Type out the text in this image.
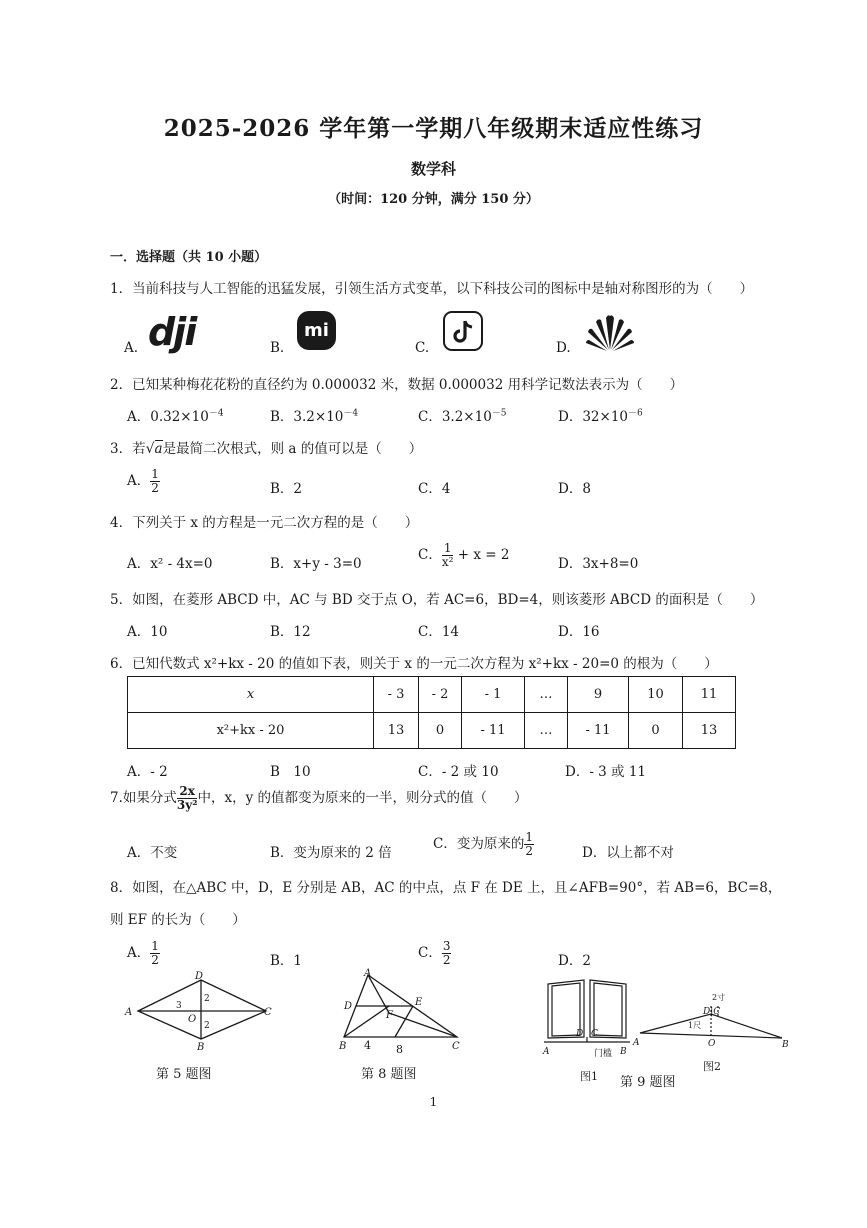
2025-2026 学年第一学期八年级期末适应性练习
数学科
（时间：120 分钟，满分 150 分）
一．选择题（共 10 小题）
1．当前科技与人工智能的迅猛发展，引领生活方式变革，以下科技公司的图标中是轴对称图形的为（　　）
A. dji	B.
mi
C.	D.
2．已知某种梅花花粉的直径约为 0.000032 米，数据 0.000032 用科学记数法表示为（　　）
A．$0.32\times 10^{-4}$	B．$3.2\times 10^{-4}$	C．$3.2\times 10^{-5}$	D．$32\times 10^{-6}$
3．若√a是最简二次根式，则 a 的值可以是（　　）
A． $\frac{1}{2}$	B．2	C．4	D．8
4．下列关于 x 的方程是一元二次方程的是（　　）
A．x² - 4x=0	B．x+y - 3=0
C． $\frac{1}{\text{x²}} + x = 2$
D．3x+8=0
5．如图，在菱形 ABCD 中，AC 与 BD 交于点 O，若 AC=6，BD=4，则该菱形 ABCD 的面积是（　　）
A．10	B．12	C．14	D．16
6．已知代数式 x²+kx - 20 的值如下表，则关于 x 的一元二次方程为 x²+kx - 20=0 的根为（　　）
x	- 3	- 2	- 1	…	9	10	11
x²+kx - 20	13	0	- 11	…	- 11	0	13
A．- 2	B　10	C．- 2 或 10	D．- 3 或 11
7.如果分式 $\frac{2x}{\text{3y²}}$ 中，x，y 的值都变为原来的一半，则分式的值（　　）
A．不变	B．变为原来的 2 倍
C．变为原来的 $\frac{1}{2}$	D．以上都不对
8．如图，在△ABC 中，D，E 分别是 AB，AC 的中点，点 F 在 DE 上，且∠AFB=90°，若 AB=6，BC=8，
则 EF 的长为（　　）
A． $\frac{1}{2}$	B．1	C． $\frac{3}{2}$	D．2
A
D
C
B
O
3
2
2
第 5 题图
A
D	E
F
B	C
4 8
第 8 题图
A	B
D C
门槛
A	B
D|C
O
2寸
1尺
图1 第 9 题图
图2
1
